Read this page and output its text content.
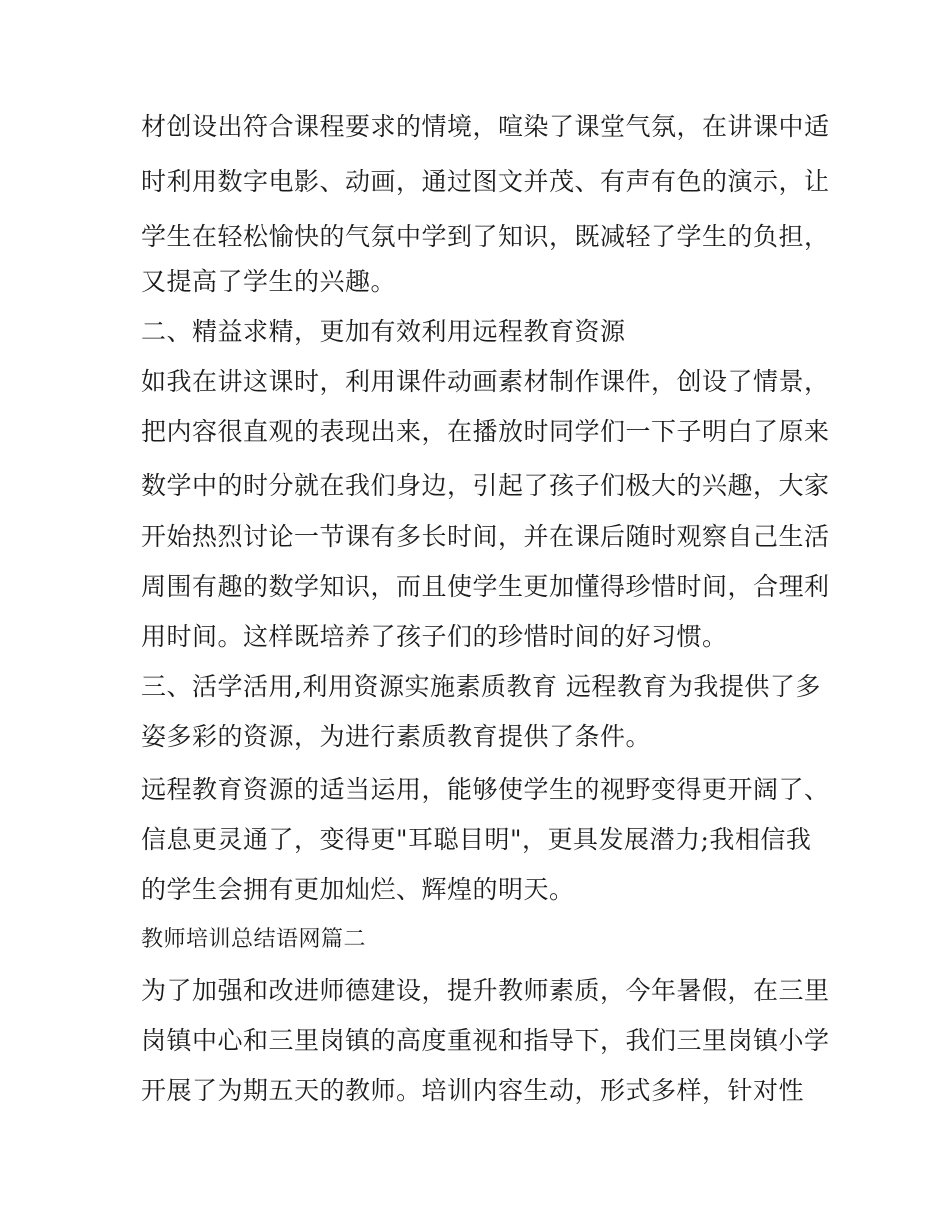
材创设出符合课程要求的情境，喧染了课堂气氛，在讲课中适
时利用数字电影、动画，通过图文并茂、有声有色的演示，让
学生在轻松愉快的气氛中学到了知识，既减轻了学生的负担，
又提高了学生的兴趣。
二、精益求精，更加有效利用远程教育资源
如我在讲这课时，利用课件动画素材制作课件，创设了情景，
把内容很直观的表现出来，在播放时同学们一下子明白了原来
数学中的时分就在我们身边，引起了孩子们极大的兴趣，大家
开始热烈讨论一节课有多长时间，并在课后随时观察自己生活
周围有趣的数学知识，而且使学生更加懂得珍惜时间，合理利
用时间。这样既培养了孩子们的珍惜时间的好习惯。
三、活学活用,利用资源实施素质教育 远程教育为我提供了多
姿多彩的资源，为进行素质教育提供了条件。
远程教育资源的适当运用，能够使学生的视野变得更开阔了、
信息更灵通了，变得更"耳聪目明"，更具发展潜力;我相信我
的学生会拥有更加灿烂、辉煌的明天。
教师培训总结语网篇二
为了加强和改进师德建设，提升教师素质，今年暑假，在三里
岗镇中心和三里岗镇的高度重视和指导下，我们三里岗镇小学
开展了为期五天的教师。培训内容生动，形式多样，针对性
